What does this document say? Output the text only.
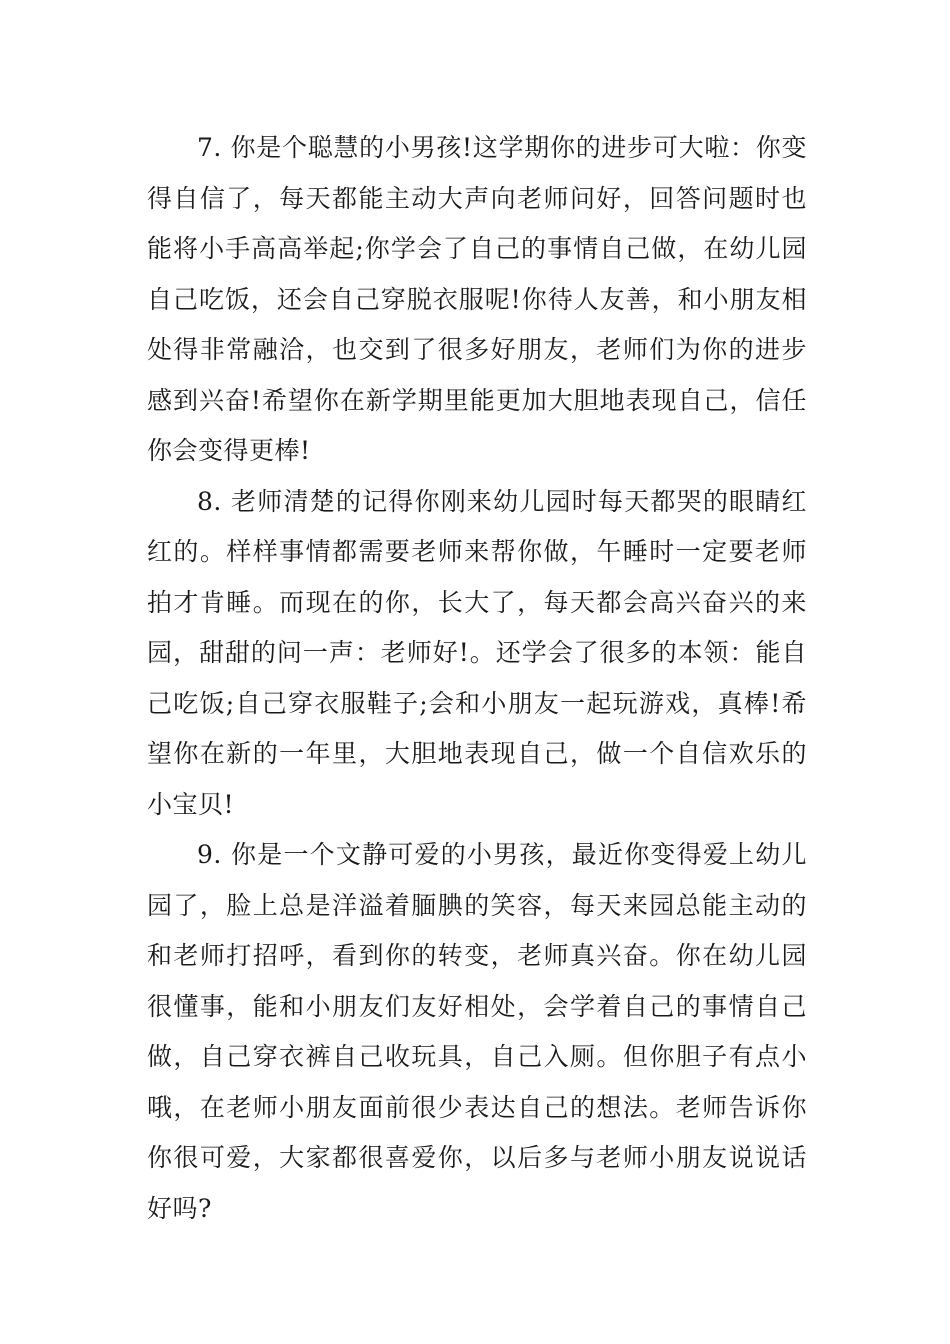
7. 你是个聪慧的小男孩!这学期你的进步可大啦：你变得自信了，每天都能主动大声向老师问好，回答问题时也能将小手高高举起;你学会了自己的事情自己做，在幼儿园自己吃饭，还会自己穿脱衣服呢!你待人友善，和小朋友相处得非常融洽，也交到了很多好朋友，老师们为你的进步感到兴奋!希望你在新学期里能更加大胆地表现自己，信任你会变得更棒!

8. 老师清楚的记得你刚来幼儿园时每天都哭的眼睛红红的。样样事情都需要老师来帮你做，午睡时一定要老师拍才肯睡。而现在的你，长大了，每天都会高兴奋兴的来园，甜甜的问一声：老师好!。还学会了很多的本领：能自己吃饭;自己穿衣服鞋子;会和小朋友一起玩游戏，真棒!希望你在新的一年里，大胆地表现自己，做一个自信欢乐的小宝贝!

9. 你是一个文静可爱的小男孩，最近你变得爱上幼儿园了，脸上总是洋溢着腼腆的笑容，每天来园总能主动的和老师打招呼，看到你的转变，老师真兴奋。你在幼儿园很懂事，能和小朋友们友好相处，会学着自己的事情自己做，自己穿衣裤自己收玩具，自己入厕。但你胆子有点小哦，在老师小朋友面前很少表达自己的想法。老师告诉你你很可爱，大家都很喜爱你，以后多与老师小朋友说说话好吗?
